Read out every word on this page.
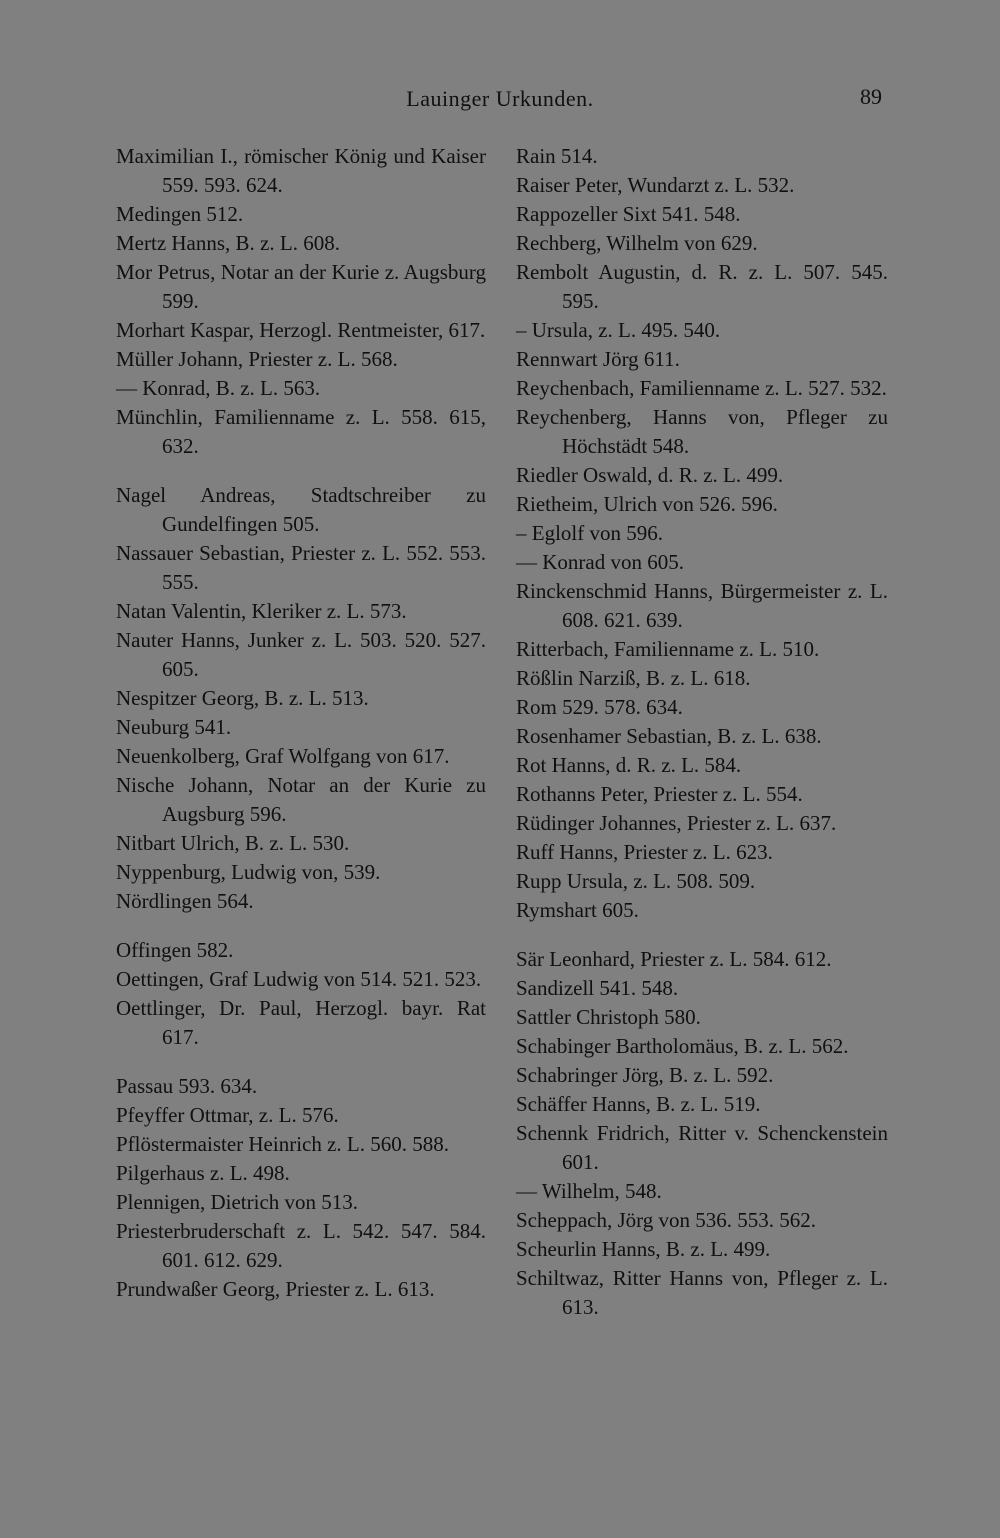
Lauinger Urkunden.	89
Maximilian I., römischer König und Kaiser 559. 593. 624.
Medingen 512.
Mertz Hanns, B. z. L. 608.
Mor Petrus, Notar an der Kurie z. Augsburg 599.
Morhart Kaspar, Herzogl. Rentmeister, 617.
Müller Johann, Priester z. L. 568.
— Konrad, B. z. L. 563.
Münchlin, Familienname z. L. 558. 615, 632.
Nagel Andreas, Stadtschreiber zu Gundelfingen 505.
Nassauer Sebastian, Priester z. L. 552. 553. 555.
Natan Valentin, Kleriker z. L. 573.
Nauter Hanns, Junker z. L. 503. 520. 527. 605.
Nespitzer Georg, B. z. L. 513.
Neuburg 541.
Neuenkolberg, Graf Wolfgang von 617.
Nische Johann, Notar an der Kurie zu Augsburg 596.
Nitbart Ulrich, B. z. L. 530.
Nyppenburg, Ludwig von, 539.
Nördlingen 564.
Offingen 582.
Oettingen, Graf Ludwig von 514. 521. 523.
Oettlinger, Dr. Paul, Herzogl. bayr. Rat 617.
Passau 593. 634.
Pfeyffer Ottmar, z. L. 576.
Pflöstermaister Heinrich z. L. 560. 588.
Pilgerhaus z. L. 498.
Plennigen, Dietrich von 513.
Priesterbruderschaft z. L. 542. 547. 584. 601. 612. 629.
Prundwaßer Georg, Priester z. L. 613.
Rain 514.
Raiser Peter, Wundarzt z. L. 532.
Rappozeller Sixt 541. 548.
Rechberg, Wilhelm von 629.
Rembolt Augustin, d. R. z. L. 507. 545. 595.
– Ursula, z. L. 495. 540.
Rennwart Jörg 611.
Reychenbach, Familienname z. L. 527. 532.
Reychenberg, Hanns von, Pfleger zu Höchstädt 548.
Riedler Oswald, d. R. z. L. 499.
Rietheim, Ulrich von 526. 596.
– Eglolf von 596.
— Konrad von 605.
Rinckenschmid Hanns, Bürgermeister z. L. 608. 621. 639.
Ritterbach, Familienname z. L. 510.
Rößlin Narziß, B. z. L. 618.
Rom 529. 578. 634.
Rosenhamer Sebastian, B. z. L. 638.
Rot Hanns, d. R. z. L. 584.
Rothanns Peter, Priester z. L. 554.
Rüdinger Johannes, Priester z. L. 637.
Ruff Hanns, Priester z. L. 623.
Rupp Ursula, z. L. 508. 509.
Rymshart 605.
Sär Leonhard, Priester z. L. 584. 612.
Sandizell 541. 548.
Sattler Christoph 580.
Schabinger Bartholomäus, B. z. L. 562.
Schabringer Jörg, B. z. L. 592.
Schäffer Hanns, B. z. L. 519.
Schennk Fridrich, Ritter v. Schenckenstein 601.
— Wilhelm, 548.
Scheppach, Jörg von 536. 553. 562.
Scheurlin Hanns, B. z. L. 499.
Schiltwaz, Ritter Hanns von, Pfleger z. L. 613.
